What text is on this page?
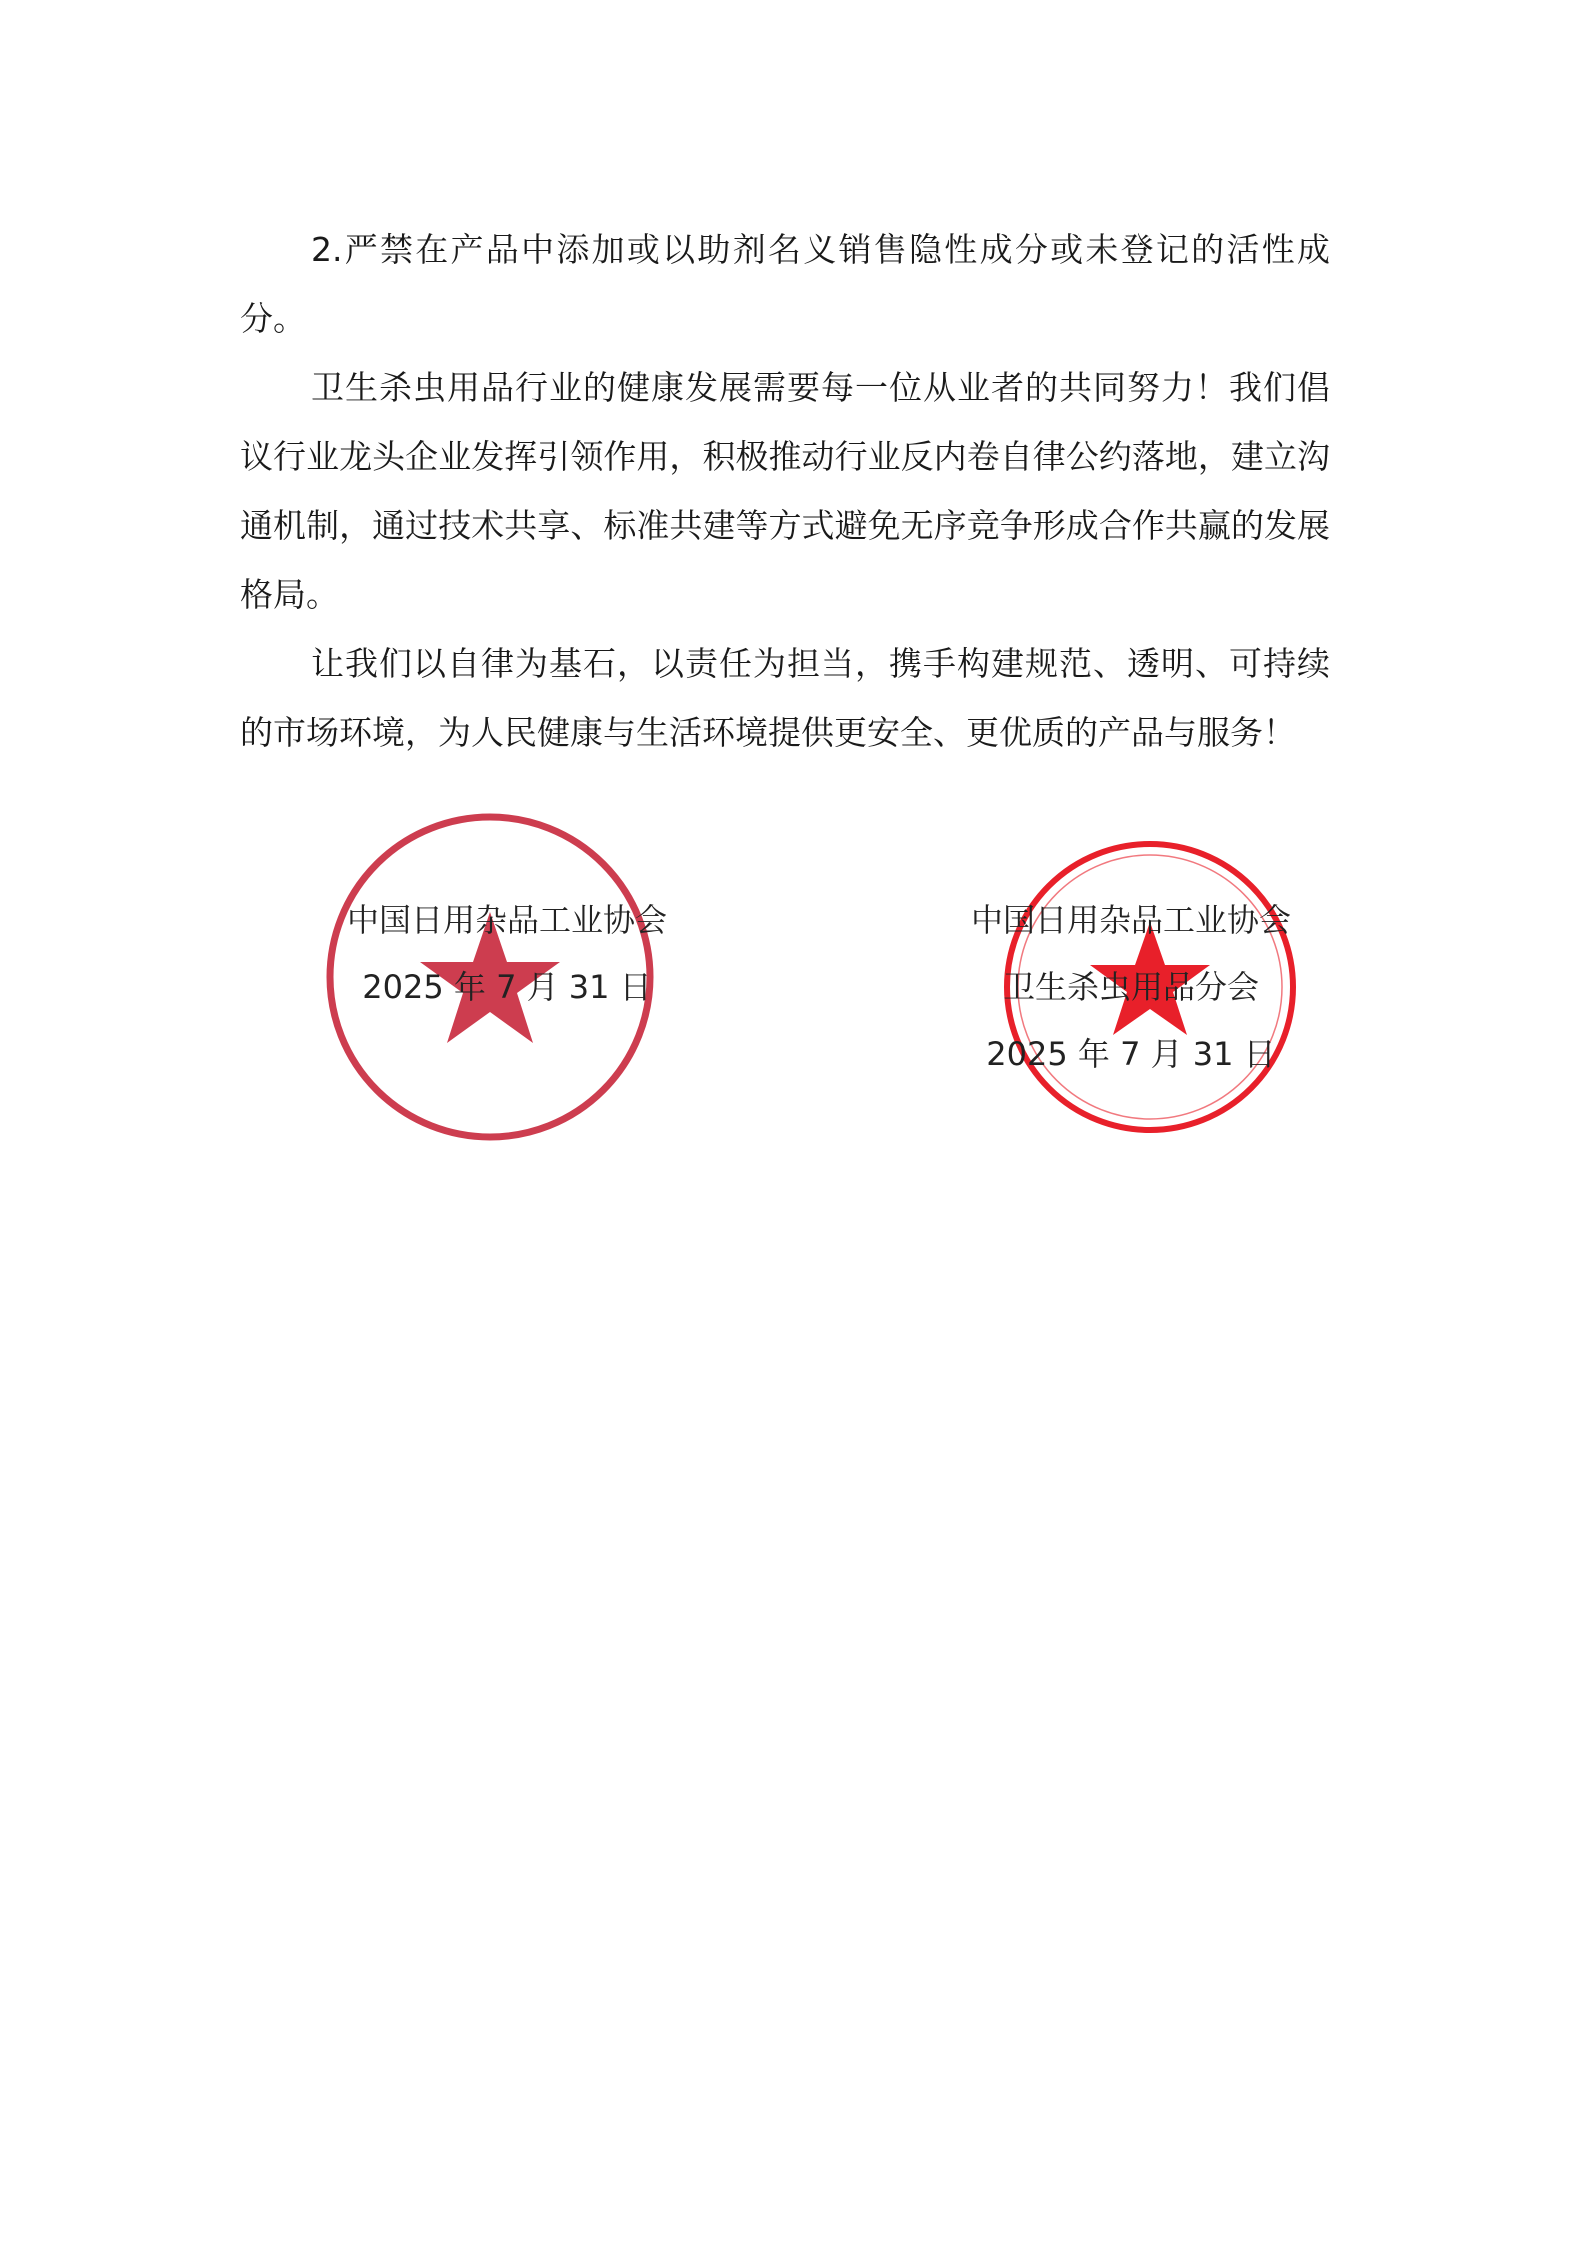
2.严禁在产品中添加或以助剂名义销售隐性成分或未登记的活性成分。

卫生杀虫用品行业的健康发展需要每一位从业者的共同努力！我们倡议行业龙头企业发挥引领作用，积极推动行业反内卷自律公约落地，建立沟通机制，通过技术共享、标准共建等方式避免无序竞争形成合作共赢的发展格局。

让我们以自律为基石，以责任为担当，携手构建规范、透明、可持续的市场环境，为人民健康与生活环境提供更安全、更优质的产品与服务！

中国日用杂品工业协会
2025 年 7 月 31 日
中国日用杂品工业协会
卫生杀虫用品分会
2025 年 7 月 31 日
